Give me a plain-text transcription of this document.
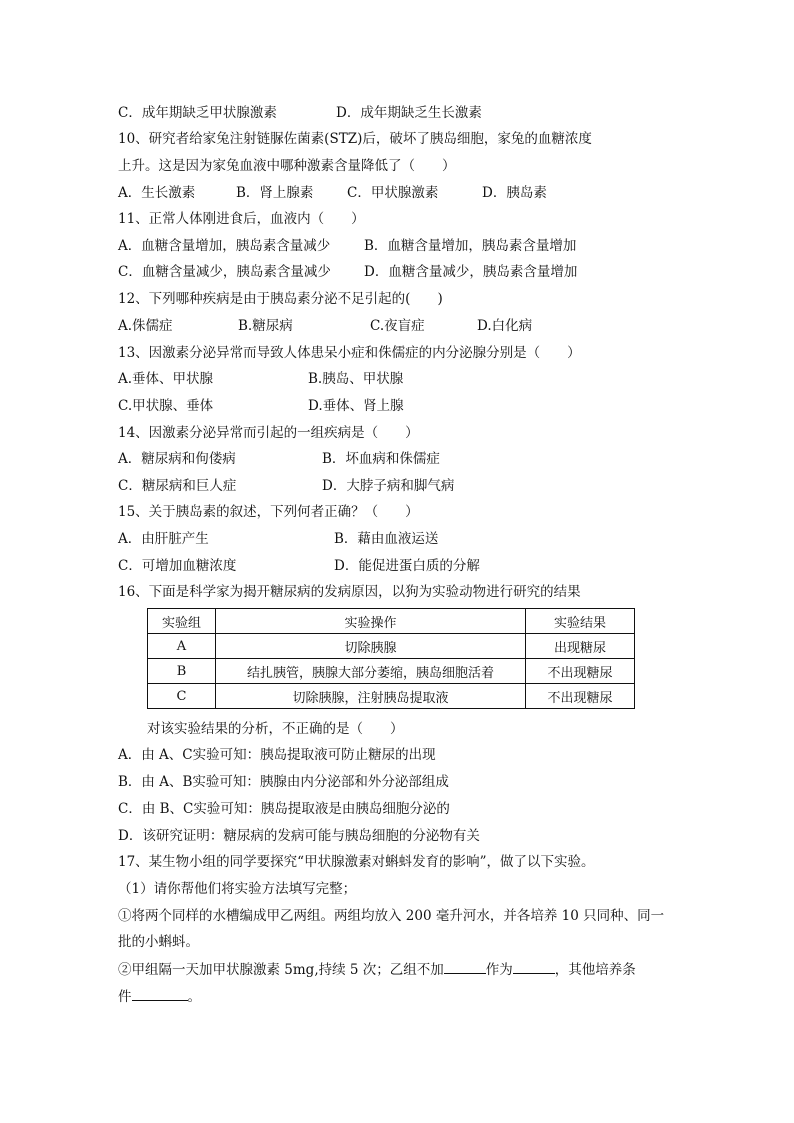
C．成年期缺乏甲状腺激素	D．成年期缺乏生长激素
10、研究者给家兔注射链脲佐菌素(STZ)后，破坏了胰岛细胞，家兔的血糖浓度
上升。这是因为家兔血液中哪种激素含量降低了（　　）
A．生长激素	B．肾上腺素 C．甲状腺激素	D．胰岛素
11、正常人体刚进食后，血液内（　　）
A．血糖含量增加，胰岛素含量减少	B．血糖含量增加，胰岛素含量增加
C．血糖含量减少，胰岛素含量减少 D．血糖含量减少，胰岛素含量增加
12、下列哪种疾病是由于胰岛素分泌不足引起的(　　)
A.侏儒症	B.糖尿病	C.夜盲症	D.白化病
13、因激素分泌异常而导致人体患呆小症和侏儒症的内分泌腺分别是（　　）
A.垂体、甲状腺	B.胰岛、甲状腺
C.甲状腺、垂体	D.垂体、肾上腺
14、因激素分泌异常而引起的一组疾病是（　　）
A．糖尿病和佝偻病	B．坏血病和侏儒症
C．糖尿病和巨人症	D．大脖子病和脚气病
15、关于胰岛素的叙述，下列何者正确？（　　）
A．由肝脏产生	B．藉由血液运送
C．可增加血糖浓度	D．能促进蛋白质的分解
16、下面是科学家为揭开糖尿病的发病原因，以狗为实验动物进行研究的结果
实验组	实验操作	实验结果
A	切除胰腺	出现糖尿
B	结扎胰管，胰腺大部分萎缩，胰岛细胞活着	不出现糖尿
C	切除胰腺，注射胰岛提取液	不出现糖尿
对该实验结果的分析，不正确的是（　　）
A．由 A、C实验可知：胰岛提取液可防止糖尿的出现
B．由 A、B实验可知：胰腺由内分泌部和外分泌部组成
C．由 B、C实验可知：胰岛提取液是由胰岛细胞分泌的
D．该研究证明：糖尿病的发病可能与胰岛细胞的分泌物有关
17、某生物小组的同学要探究“甲状腺激素对蝌蚪发育的影响”，做了以下实验。
（1）请你帮他们将实验方法填写完整；
①将两个同样的水槽编成甲乙两组。两组均放入 200 毫升河水，并各培养 10 只同种、同一
批的小蝌蚪。
②甲组隔一天加甲状腺激素 5mg,持续 5 次；乙组不加	作为	，其他培养条
件	。
